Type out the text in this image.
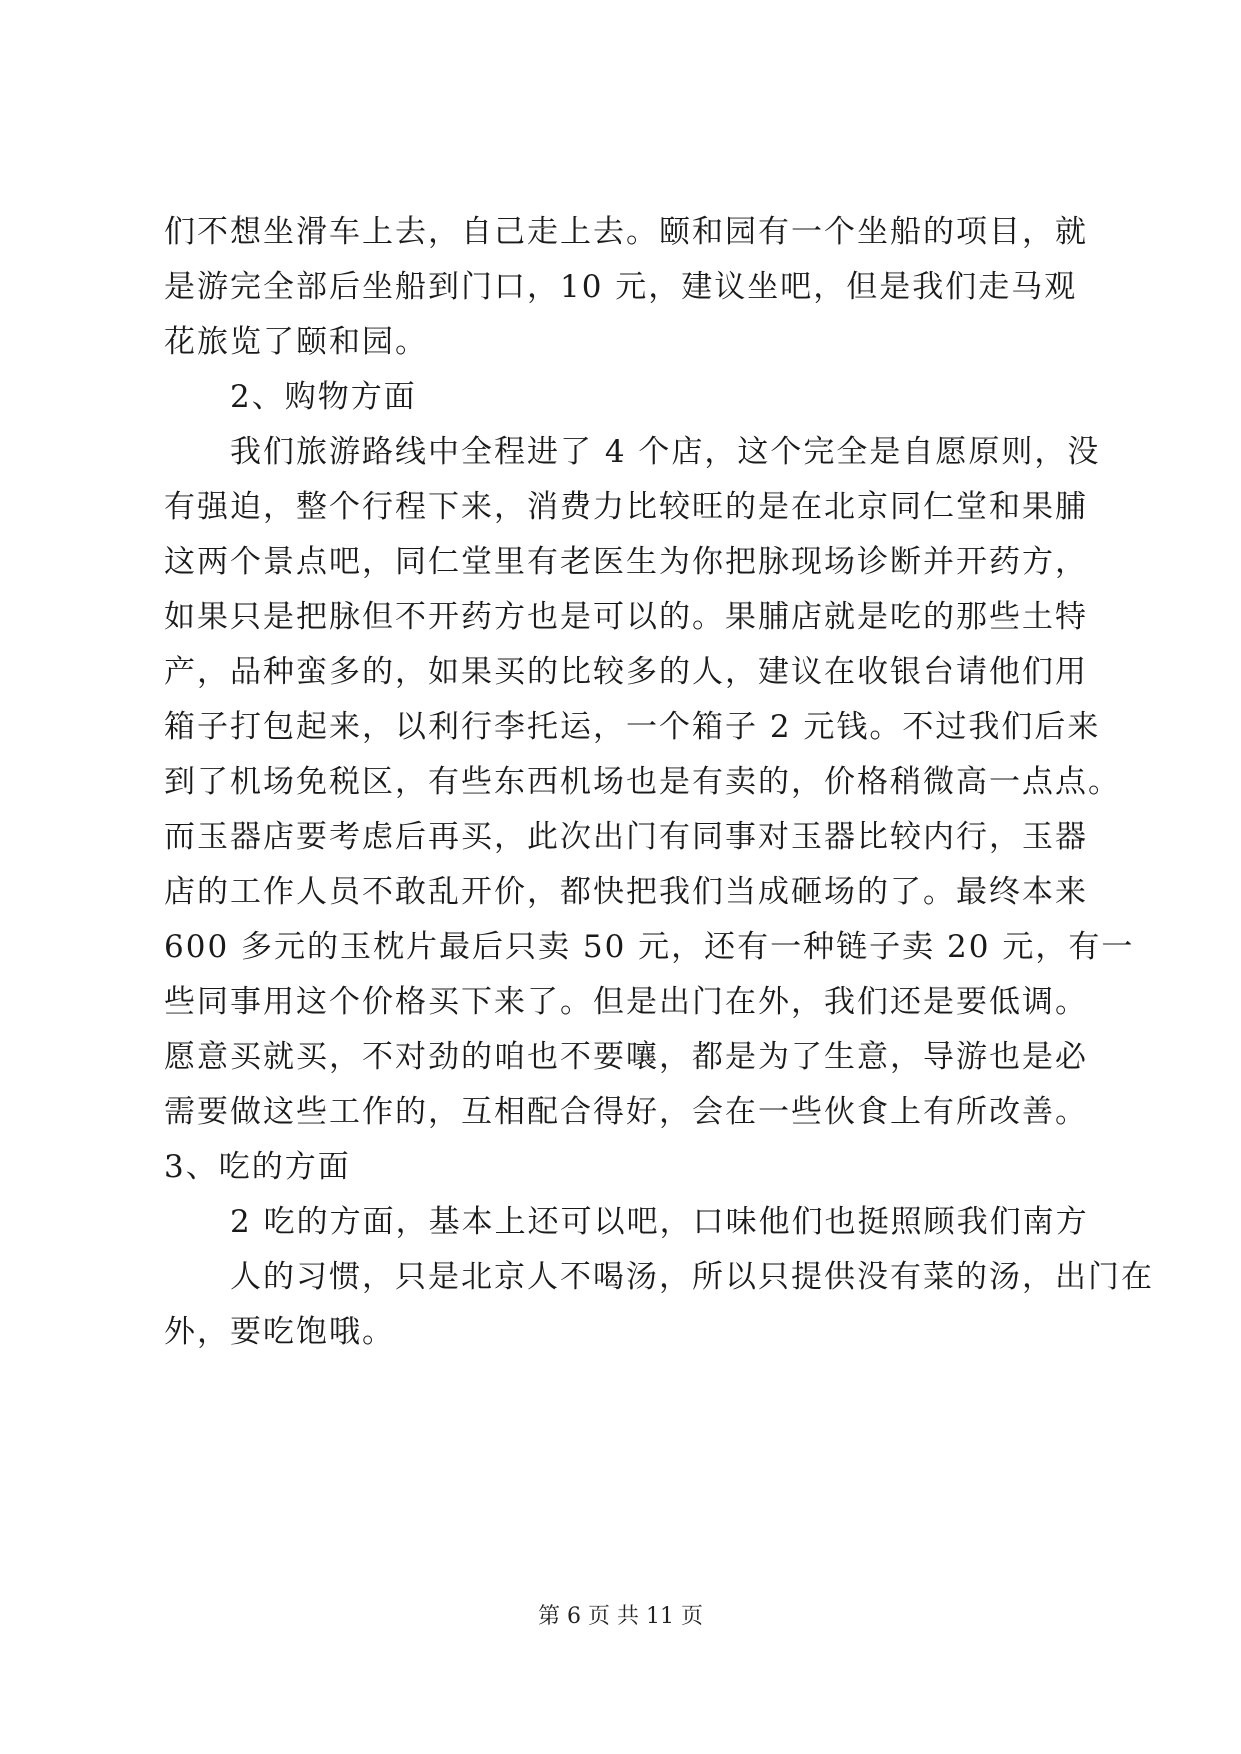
们不想坐滑车上去，自己走上去。颐和园有一个坐船的项目，就
是游完全部后坐船到门口，10 元，建议坐吧，但是我们走马观
花旅览了颐和园。
2、购物方面
我们旅游路线中全程进了 4 个店，这个完全是自愿原则，没
有强迫，整个行程下来，消费力比较旺的是在北京同仁堂和果脯
这两个景点吧，同仁堂里有老医生为你把脉现场诊断并开药方，
如果只是把脉但不开药方也是可以的。果脯店就是吃的那些土特
产，品种蛮多的，如果买的比较多的人，建议在收银台请他们用
箱子打包起来，以利行李托运，一个箱子 2 元钱。不过我们后来
到了机场免税区，有些东西机场也是有卖的，价格稍微高一点点。
而玉器店要考虑后再买，此次出门有同事对玉器比较内行，玉器
店的工作人员不敢乱开价，都快把我们当成砸场的了。最终本来
600 多元的玉枕片最后只卖 50 元，还有一种链子卖 20 元，有一
些同事用这个价格买下来了。但是出门在外，我们还是要低调。
愿意买就买，不对劲的咱也不要嚷，都是为了生意，导游也是必
需要做这些工作的，互相配合得好，会在一些伙食上有所改善。
3、吃的方面
2 吃的方面，基本上还可以吧，口味他们也挺照顾我们南方
人的习惯，只是北京人不喝汤，所以只提供没有菜的汤，出门在
外，要吃饱哦。
第 6 页 共 11 页
